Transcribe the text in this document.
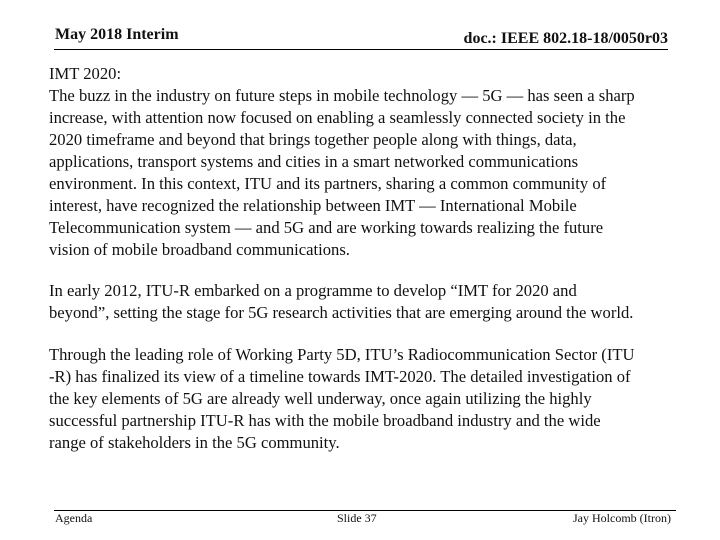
May 2018 Interim	doc.: IEEE 802.18-18/0050r03
IMT 2020:
The buzz in the industry on future steps in mobile technology — 5G — has seen a sharp
increase, with attention now focused on enabling a seamlessly connected society in the
2020 timeframe and beyond that brings together people along with things, data,
applications, transport systems and cities in a smart networked communications
environment. In this context, ITU and its partners, sharing a common community of
interest, have recognized the relationship between IMT — International Mobile
Telecommunication system — and 5G and are working towards realizing the future
vision of mobile broadband communications.
In early 2012, ITU-R embarked on a programme to develop “IMT for 2020 and
beyond”, setting the stage for 5G research activities that are emerging around the world.
Through the leading role of Working Party 5D, ITU’s Radiocommunication Sector (ITU
-R) has finalized its view of a timeline towards IMT-2020. The detailed investigation of
the key elements of 5G are already well underway, once again utilizing the highly
successful partnership ITU-R has with the mobile broadband industry and the wide
range of stakeholders in the 5G community.
Agenda	Slide 37	Jay Holcomb (Itron)
